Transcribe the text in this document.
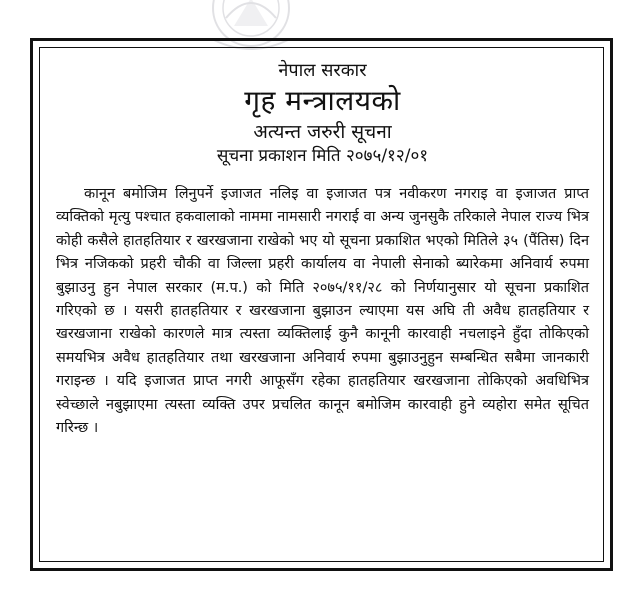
नेपाल सरकार
गृह मन्त्रालयको
अत्यन्त जरुरी सूचना
सूचना प्रकाशन मिति २०७५/१२/०१

कानून बमोजिम लिनुपर्ने इजाजत नलिइ वा इजाजत पत्र नवीकरण नगराइ वा इजाजत प्राप्त व्यक्तिको मृत्यु पश्चात हकवालाको नाममा नामसारी नगराई वा अन्य जुनसुकै तरिकाले नेपाल राज्य भित्र कोही कसैले हातहतियार र खरखजाना राखेको भए यो सूचना प्रकाशित भएको मितिले ३५ (पैंतिस) दिन भित्र नजिकको प्रहरी चौकी वा जिल्ला प्रहरी कार्यालय वा नेपाली सेनाको ब्यारेकमा अनिवार्य रुपमा बुझाउनु हुन नेपाल सरकार (म.प.) को मिति २०७५/११/२८ को निर्णयानुसार यो सूचना प्रकाशित गरिएको छ । यसरी हातहतियार र खरखजाना बुझाउन ल्याएमा यस अघि ती अवैध हातहतियार र खरखजाना राखेको कारणले मात्र त्यस्ता व्यक्तिलाई कुनै कानूनी कारवाही नचलाइने हुँदा तोकिएको समयभित्र अवैध हातहतियार तथा खरखजाना अनिवार्य रुपमा बुझाउनुहुन सम्बन्धित सबैमा जानकारी गराइन्छ । यदि इजाजत प्राप्त नगरी आफूसँग रहेका हातहतियार खरखजाना तोकिएको अवधिभित्र स्वेच्छाले नबुझाएमा त्यस्ता व्यक्ति उपर प्रचलित कानून बमोजिम कारवाही हुने व्यहोरा समेत सूचित गरिन्छ ।
